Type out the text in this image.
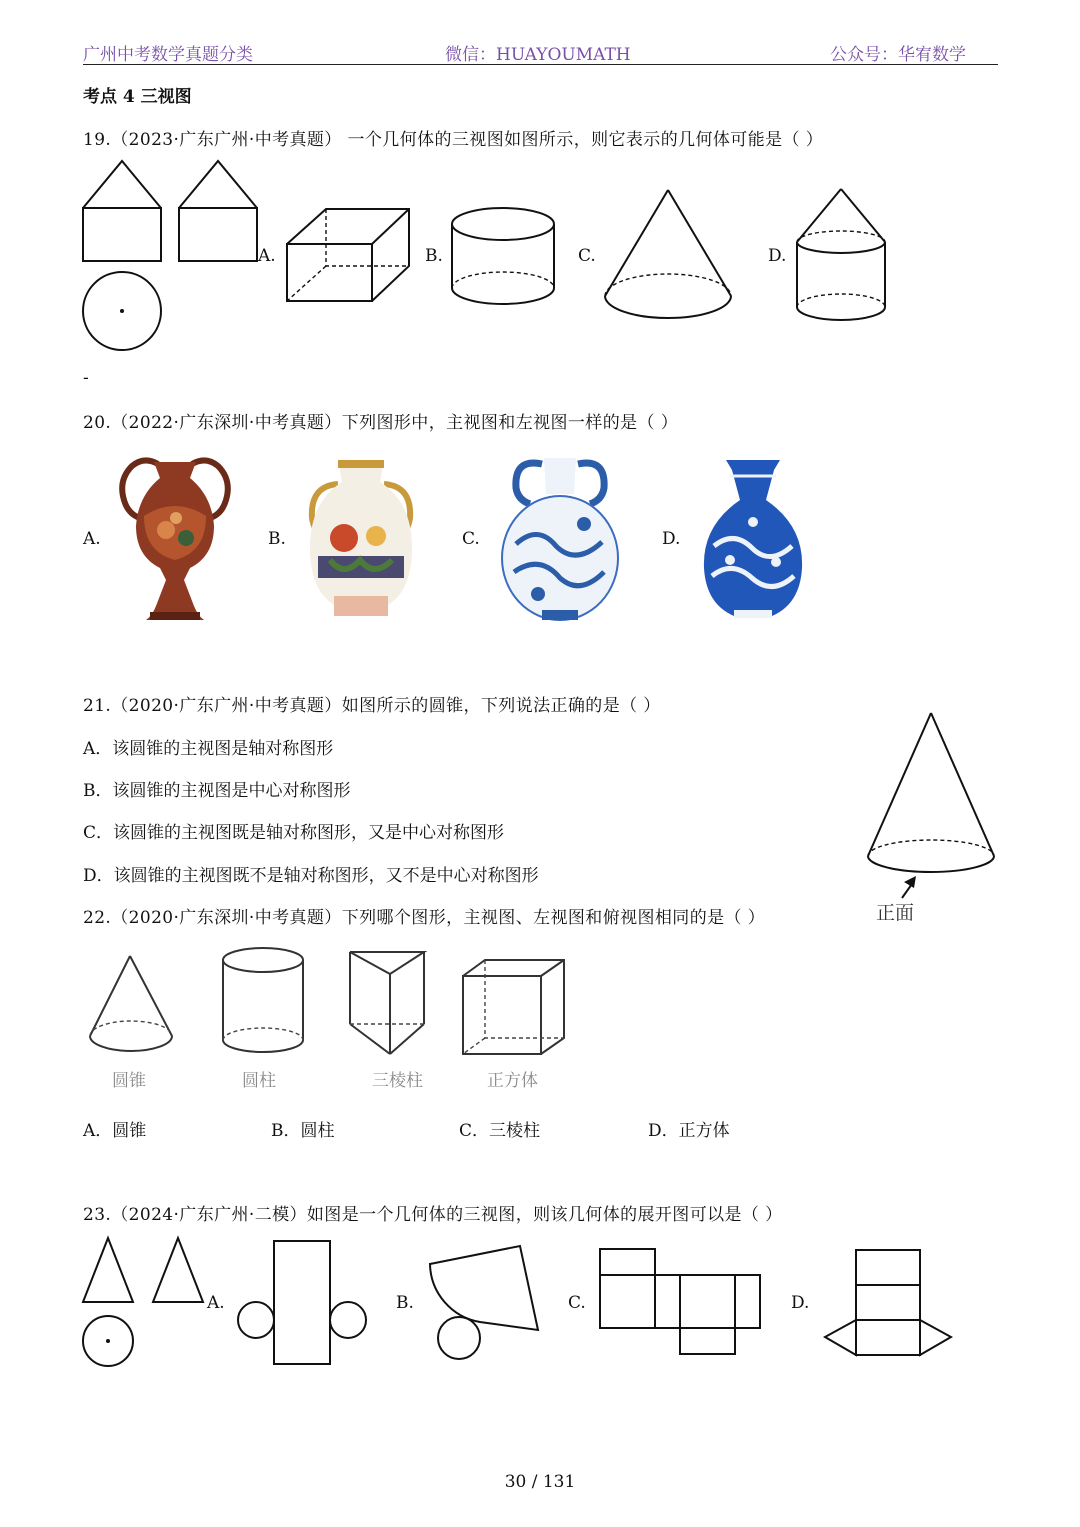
广州中考数学真题分类	微信：HUAYOUMATH	公众号：华宥数学
考点 4 三视图
19.（2023·广东广州·中考真题） 一个几何体的三视图如图所示，则它表示的几何体可能是（ ）
A.	B.	C.	D.
-
20.（2022·广东深圳·中考真题）下列图形中，主视图和左视图一样的是（ ）
A.	B.	C.	D.
21.（2020·广东广州·中考真题）如图所示的圆锥，下列说法正确的是（ ）
A．该圆锥的主视图是轴对称图形
B．该圆锥的主视图是中心对称图形
C．该圆锥的主视图既是轴对称图形，又是中心对称图形
D．该圆锥的主视图既不是轴对称图形，又不是中心对称图形
正面
22.（2020·广东深圳·中考真题）下列哪个图形，主视图、左视图和俯视图相同的是（ ）
圆锥	圆柱	三棱柱	正方体
A．圆锥	B．圆柱	C．三棱柱	D．正方体
23.（2024·广东广州·二模）如图是一个几何体的三视图，则该几何体的展开图可以是（ ）
A.	B.	C.	D.
30 / 131
